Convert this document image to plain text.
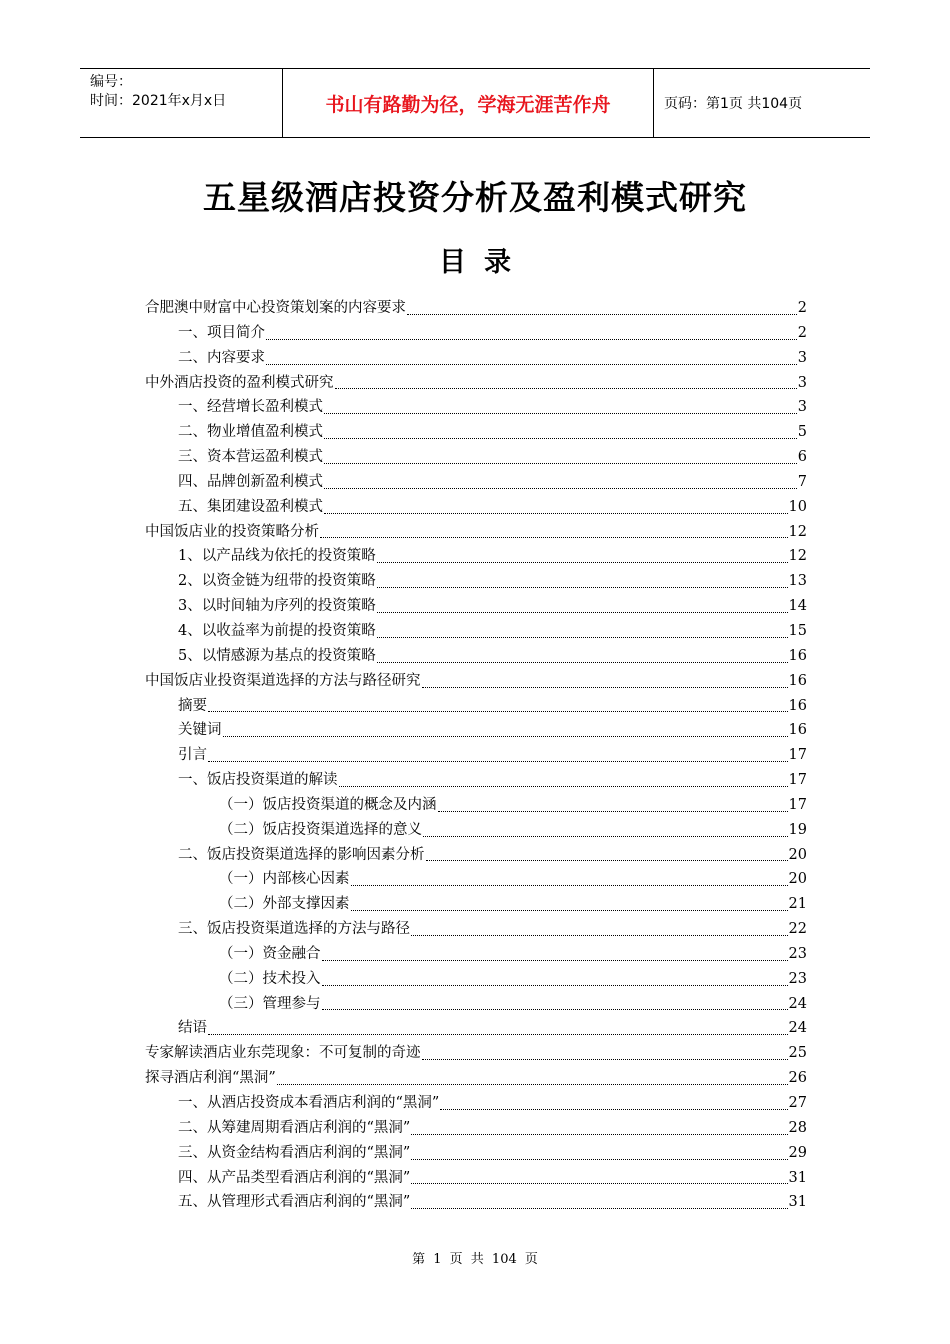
编号：
时间：2021年x月x日	书山有路勤为径，学海无涯苦作舟	页码：第1页 共104页
五星级酒店投资分析及盈利模式研究
目录
合肥澳中财富中心投资策划案的内容要求	2
一、项目简介	2
二、内容要求	3
中外酒店投资的盈利模式研究	3
一、经营增长盈利模式	3
二、物业增值盈利模式	5
三、资本营运盈利模式	6
四、品牌创新盈利模式	7
五、集团建设盈利模式	10
中国饭店业的投资策略分析	12
1、以产品线为依托的投资策略	12
2、以资金链为纽带的投资策略	13
3、以时间轴为序列的投资策略	14
4、以收益率为前提的投资策略	15
5、以情感源为基点的投资策略	16
中国饭店业投资渠道选择的方法与路径研究	16
摘要	16
关键词	16
引言	17
一、饭店投资渠道的解读	17
（一）饭店投资渠道的概念及内涵	17
（二）饭店投资渠道选择的意义	19
二、饭店投资渠道选择的影响因素分析	20
（一）内部核心因素	20
（二）外部支撑因素	21
三、饭店投资渠道选择的方法与路径	22
（一）资金融合	23
（二）技术投入	23
（三）管理参与	24
结语	24
专家解读酒店业东莞现象：不可复制的奇迹	25
探寻酒店利润“黑洞”	26
一、从酒店投资成本看酒店利润的“黑洞”	27
二、从筹建周期看酒店利润的“黑洞”	28
三、从资金结构看酒店利润的“黑洞”	29
四、从产品类型看酒店利润的“黑洞”	31
五、从管理形式看酒店利润的“黑洞”	31
第 1 页 共 104 页
